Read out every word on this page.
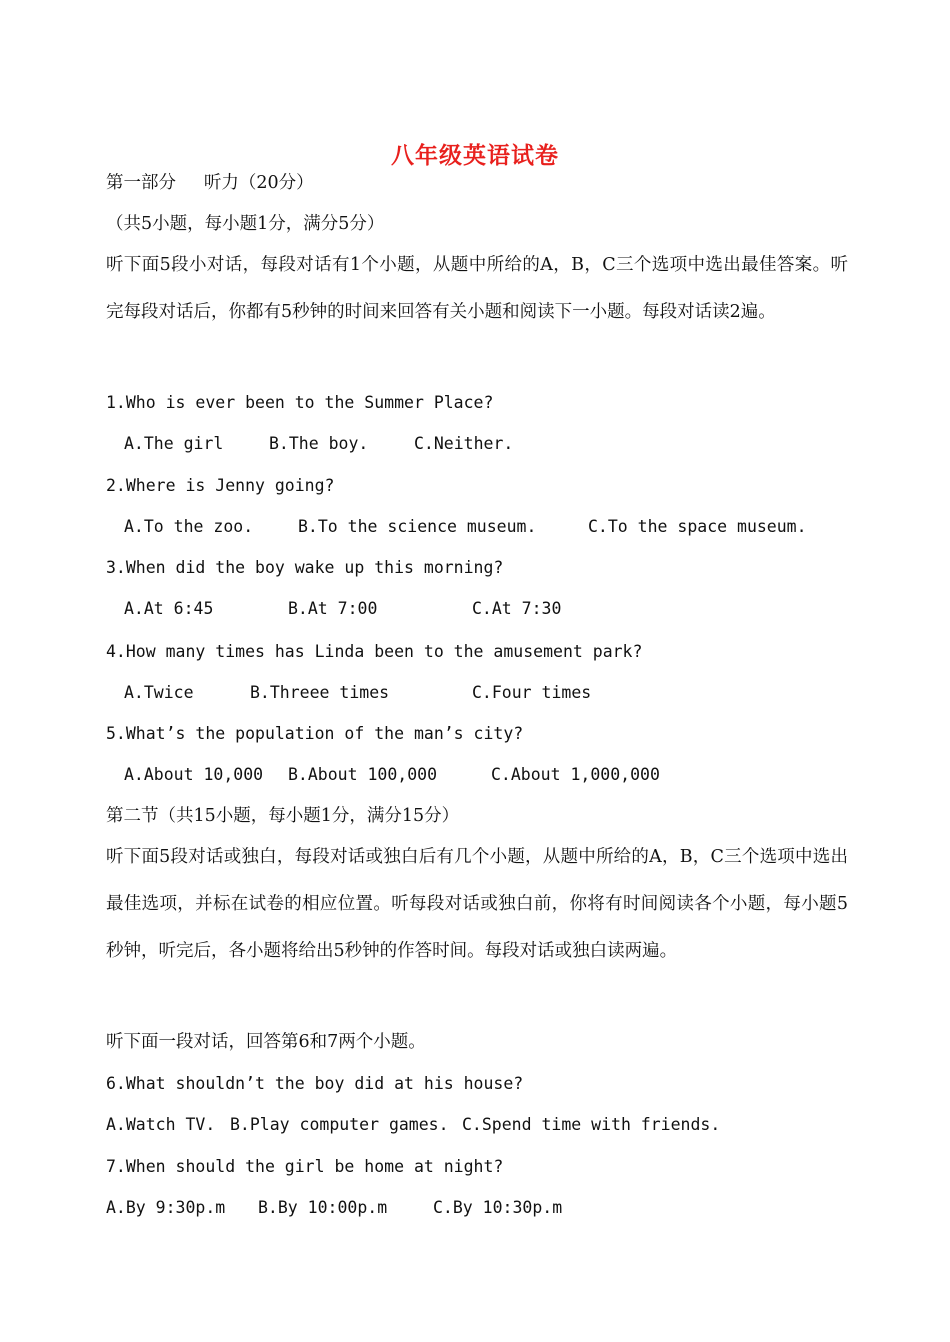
八年级英语试卷
第一部分     听力（20分）
（共5小题，每小题1分，满分5分）
听下面5段小对话，每段对话有1个小题，从题中所给的A，B，C三个选项中选出最佳答案。听完每段对话后，你都有5秒钟的时间来回答有关小题和阅读下一小题。每段对话读2遍。
1.Who is ever been to the Summer Place?
A.The girl	B.The boy.	C.Neither.
2.Where is Jenny going?
A.To the zoo.	B.To the science museum.	C.To the space museum.
3.When did the boy wake up this morning?
A.At 6:45	B.At 7:00	C.At 7:30
4.How many times has Linda been to the amusement park?
A.Twice	B.Threee times	C.Four times
5.What’s the population of the man’s city?
A.About 10,000 B.About 100,000	C.About 1,000,000
第二节（共15小题，每小题1分，满分15分）
听下面5段对话或独白，每段对话或独白后有几个小题，从题中所给的A，B，C三个选项中选出最佳选项，并标在试卷的相应位置。听每段对话或独白前，你将有时间阅读各个小题，每小题5秒钟，听完后，各小题将给出5秒钟的作答时间。每段对话或独白读两遍。
听下面一段对话，回答第6和7两个小题。
6.What shouldn’t the boy did at his house?
A.Watch TV. B.Play computer games. C.Spend time with friends.
7.When should the girl be home at night?
A.By 9:30p.m B.By 10:00p.m	C.By 10:30p.m
